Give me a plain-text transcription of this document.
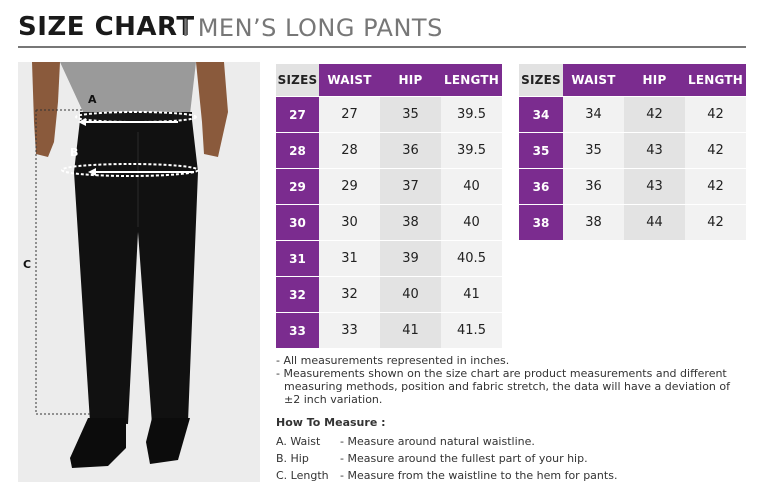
SIZE CHART
I MEN’S LONG PANTS
A
B
C
SIZES	WAIST	HIP	LENGTH
27	27	35	39.5
28	28	36	39.5
29	29	37	40
30	30	38	40
31	31	39	40.5
32	32	40	41
33	33	41	41.5
SIZES	WAIST	HIP	LENGTH
34	34	42	42
35	35	43	42
36	36	43	42
38	38	44	42

- All measurements represented in inches.

- Measurements shown on the size chart are product measurements and different

measuring methods, position and fabric stretch, the data will have a deviation of

±2 inch variation.

How To Measure :
A. Waist - Measure around natural waistline.
B. Hip	- Measure around the fullest part of your hip.
C. Length - Measure from the waistline to the hem for pants.
